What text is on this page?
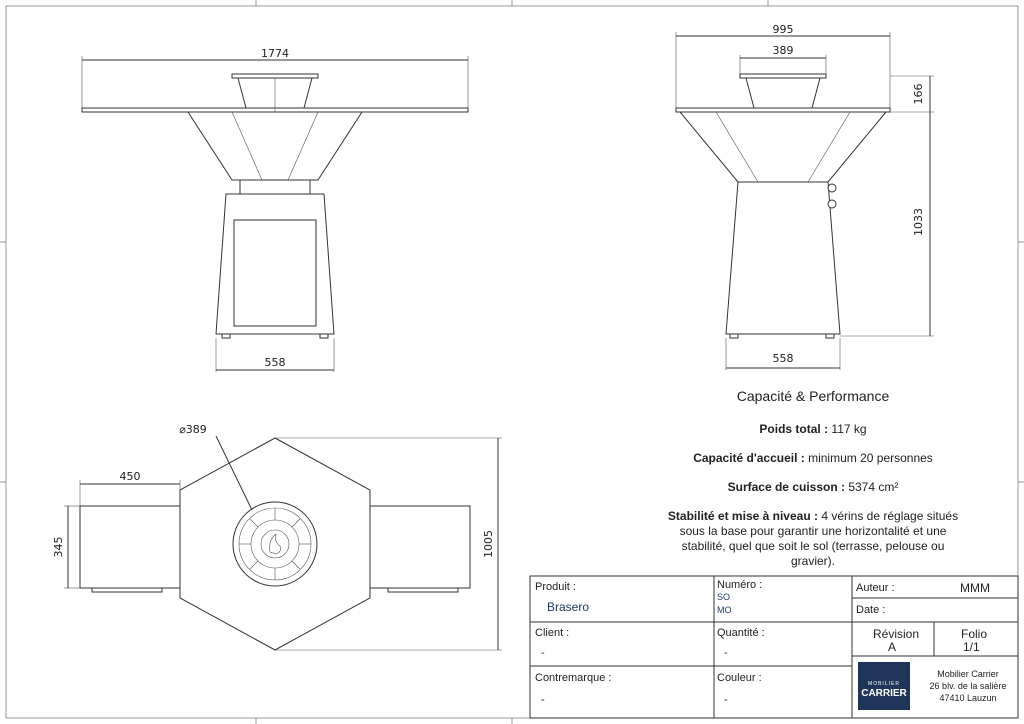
1774
558
995
389
166
1033
558
⌀389
450
345	1005
Capacité & Performance
Poids total : 117 kg
Capacité d'accueil : minimum 20 personnes
Surface de cuisson : 5374 cm²
Stabilité et mise à niveau : 4 vérins de réglage situés sous la base pour garantir une horizontalité et une stabilité, quel que soit le sol (terrasse, pelouse ou gravier).
Produit :
Brasero
Numéro :
SO
MO
Auteur :	MMM
Date :
Client :
-
Quantité :
-
Révision
A
Folio
1/1
Contremarque :
-
Couleur :
-
MOBILIER
CARRIER
Mobilier Carrier
26 blv. de la salière
47410 Lauzun
